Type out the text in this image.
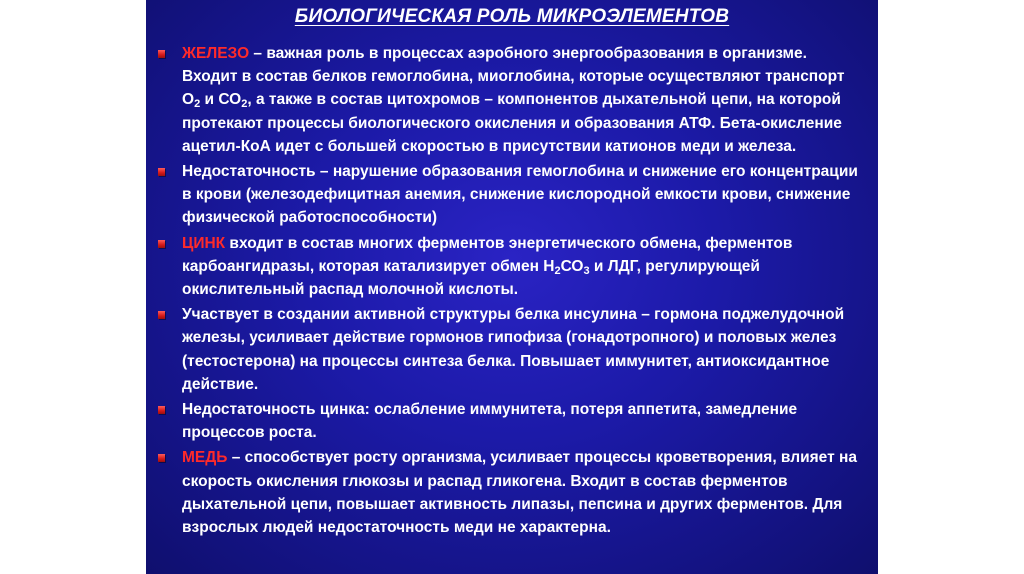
БИОЛОГИЧЕСКАЯ РОЛЬ МИКРОЭЛЕМЕНТОВ
ЖЕЛЕЗО – важная роль в процессах аэробного энергообразования в организме. Входит в состав белков гемоглобина, миоглобина, которые осуществляют транспорт $О_2$ и $СО_2$, а также в состав цитохромов – компонентов дыхательной цепи, на которой протекают процессы биологического окисления и образования АТФ. Бета-окисление ацетил-КоА идет с большей скоростью в присутствии катионов меди и железа.
Недостаточность – нарушение образования гемоглобина и снижение его концентрации в крови (железодефицитная анемия, снижение кислородной емкости крови, снижение физической работоспособности)
ЦИНК входит в состав многих ферментов энергетического обмена, ферментов карбоангидразы, которая катализирует обмен $Н_2СО_3$ и ЛДГ, регулирующей окислительный распад молочной кислоты.
Участвует в создании активной структуры белка инсулина – гормона поджелудочной железы, усиливает действие гормонов гипофиза (гонадотропного) и половых желез (тестостерона) на процессы синтеза белка. Повышает иммунитет, антиоксидантное действие.
Недостаточность цинка: ослабление иммунитета, потеря аппетита, замедление процессов роста.
МЕДЬ – способствует росту организма, усиливает процессы кроветворения, влияет на скорость окисления глюкозы и распад гликогена. Входит в состав ферментов дыхательной цепи, повышает активность липазы, пепсина и других ферментов. Для взрослых людей недостаточность меди не характерна.
